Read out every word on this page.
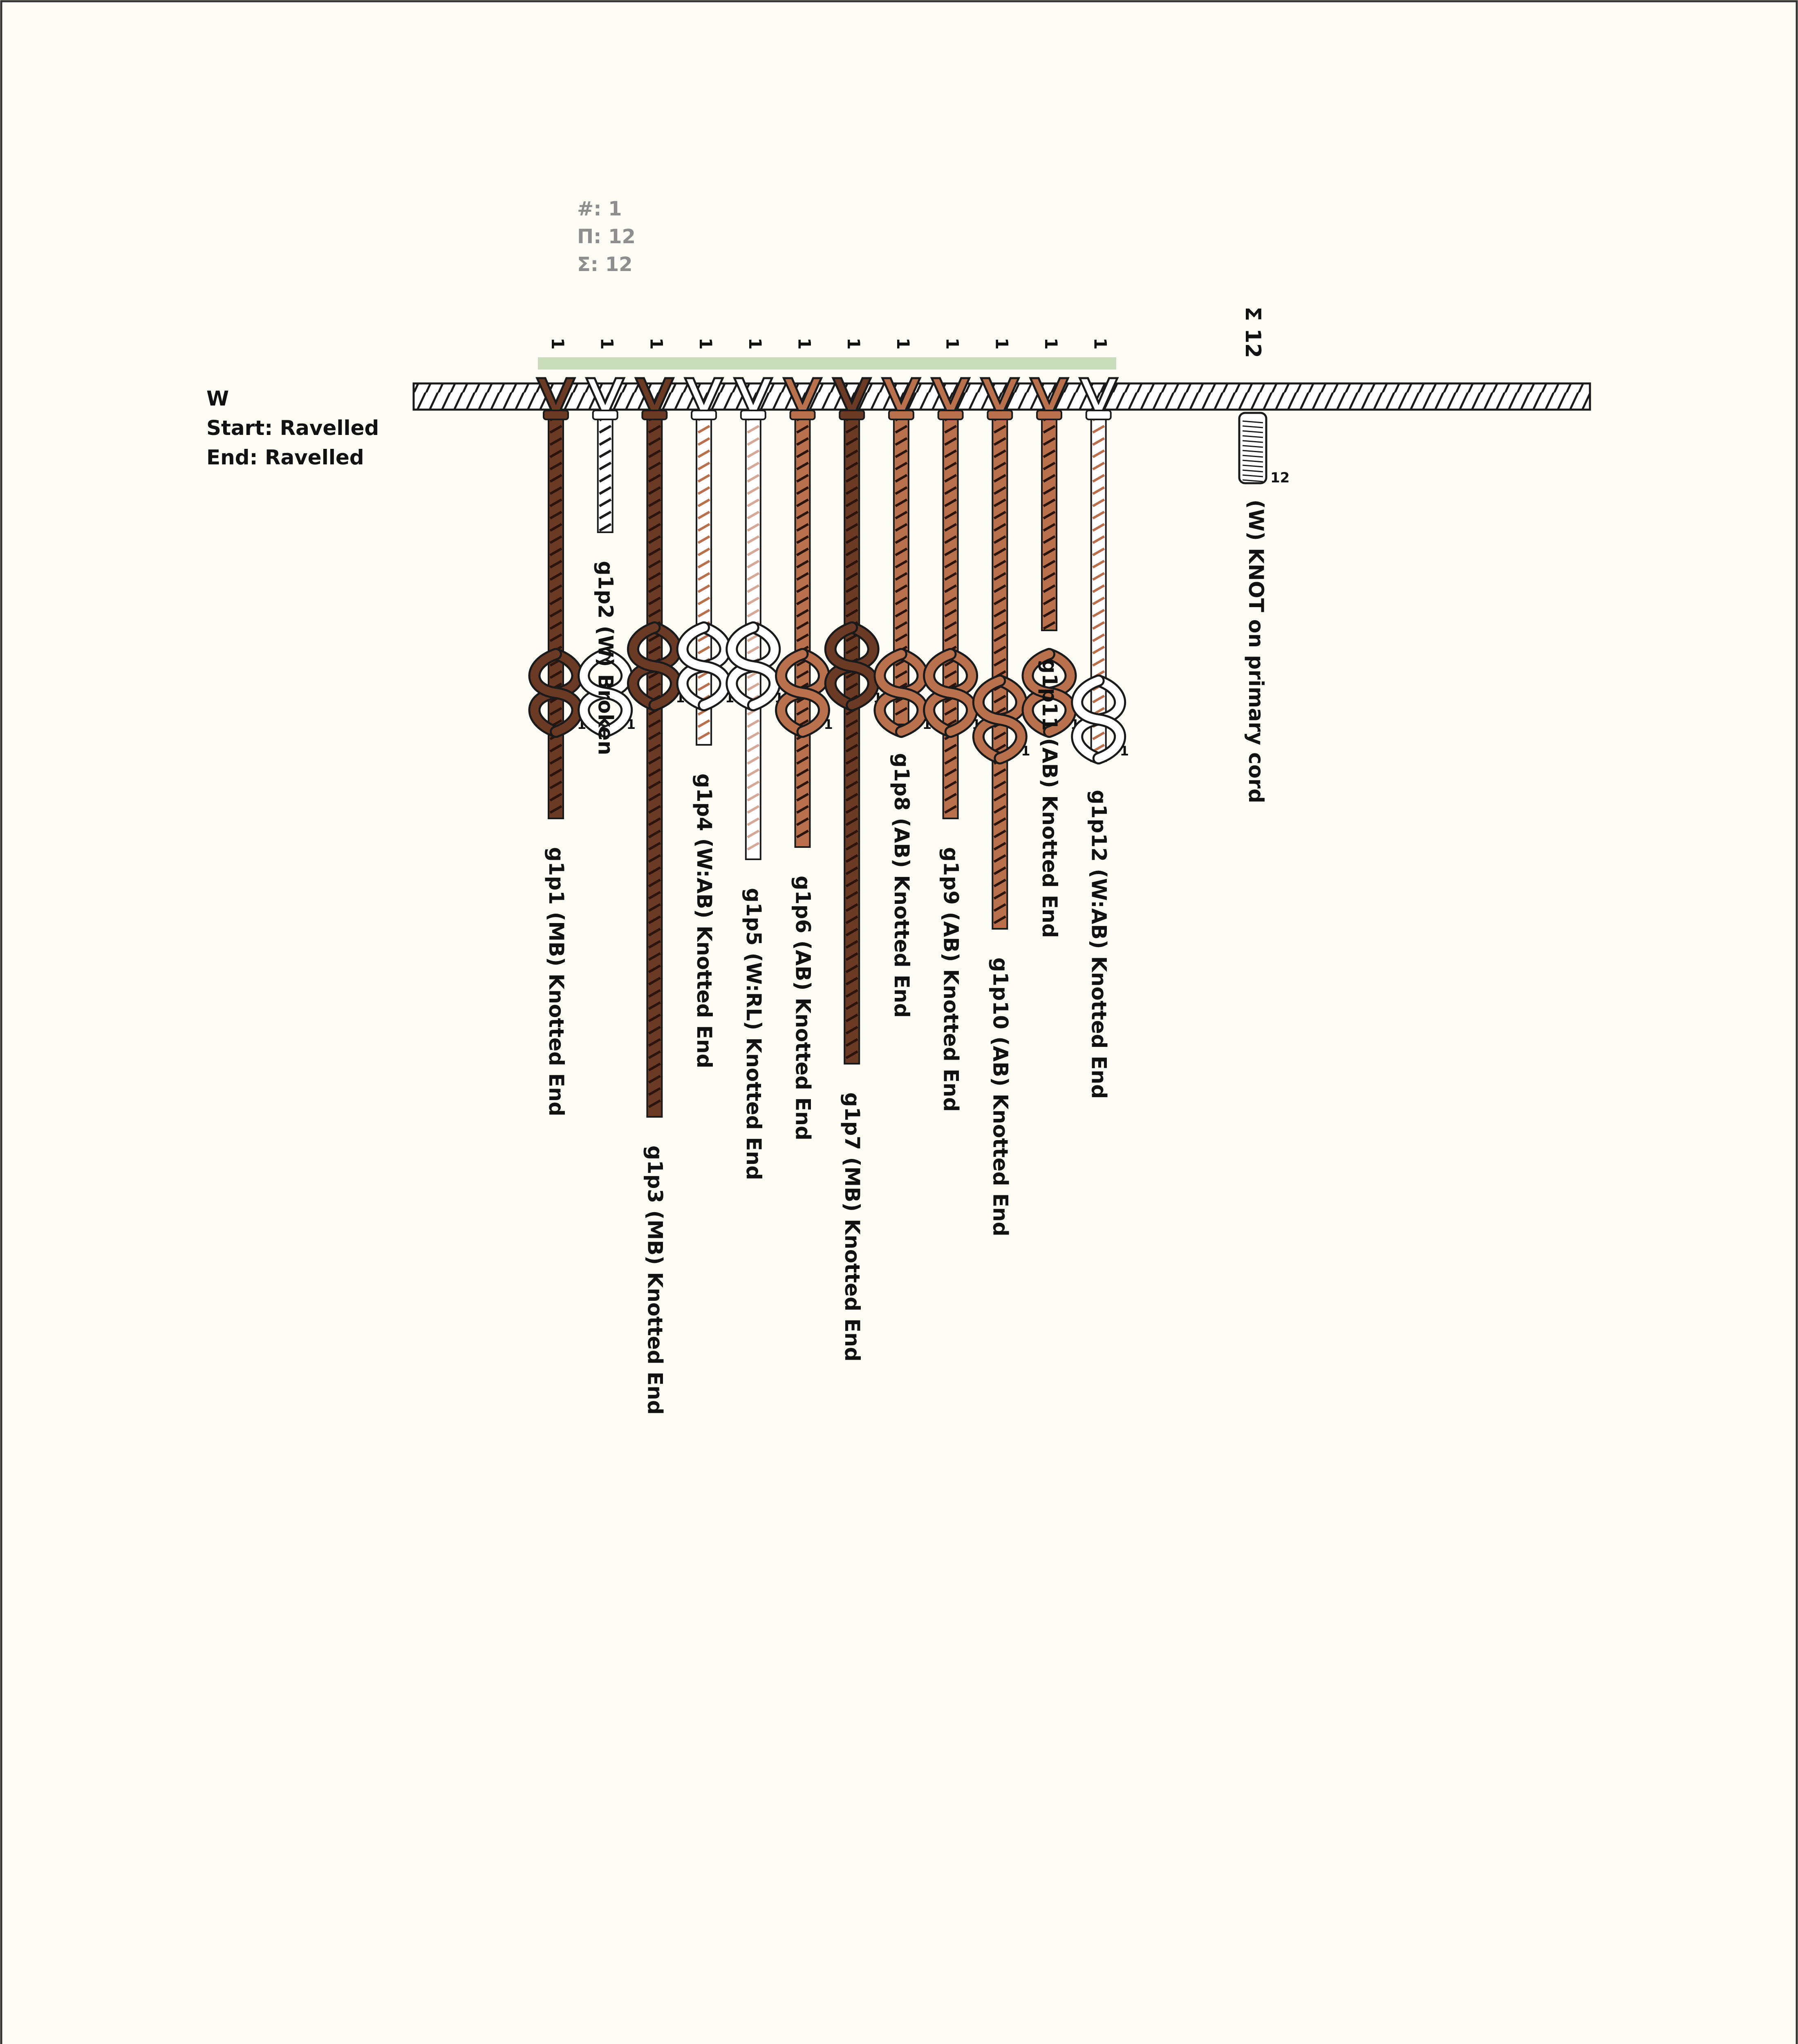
#: 1
Π: 12
Σ: 12
W
Start: Ravelled
End: Ravelled
12
Σ 12
(W) KNOT on primary cord
1
1
g1p1 (MB) Knotted End
1
1
g1p2 (W) Broken
1
1
g1p3 (MB) Knotted End
1
1
g1p4 (W:AB) Knotted End
1
1
g1p5 (W:RL) Knotted End
1
1
g1p6 (AB) Knotted End
1
1
g1p7 (MB) Knotted End
1
1
g1p8 (AB) Knotted End
1
1
g1p9 (AB) Knotted End
1
1
g1p10 (AB) Knotted End
1
1
g1p11 (AB) Knotted End
1
1
g1p12 (W:AB) Knotted End
